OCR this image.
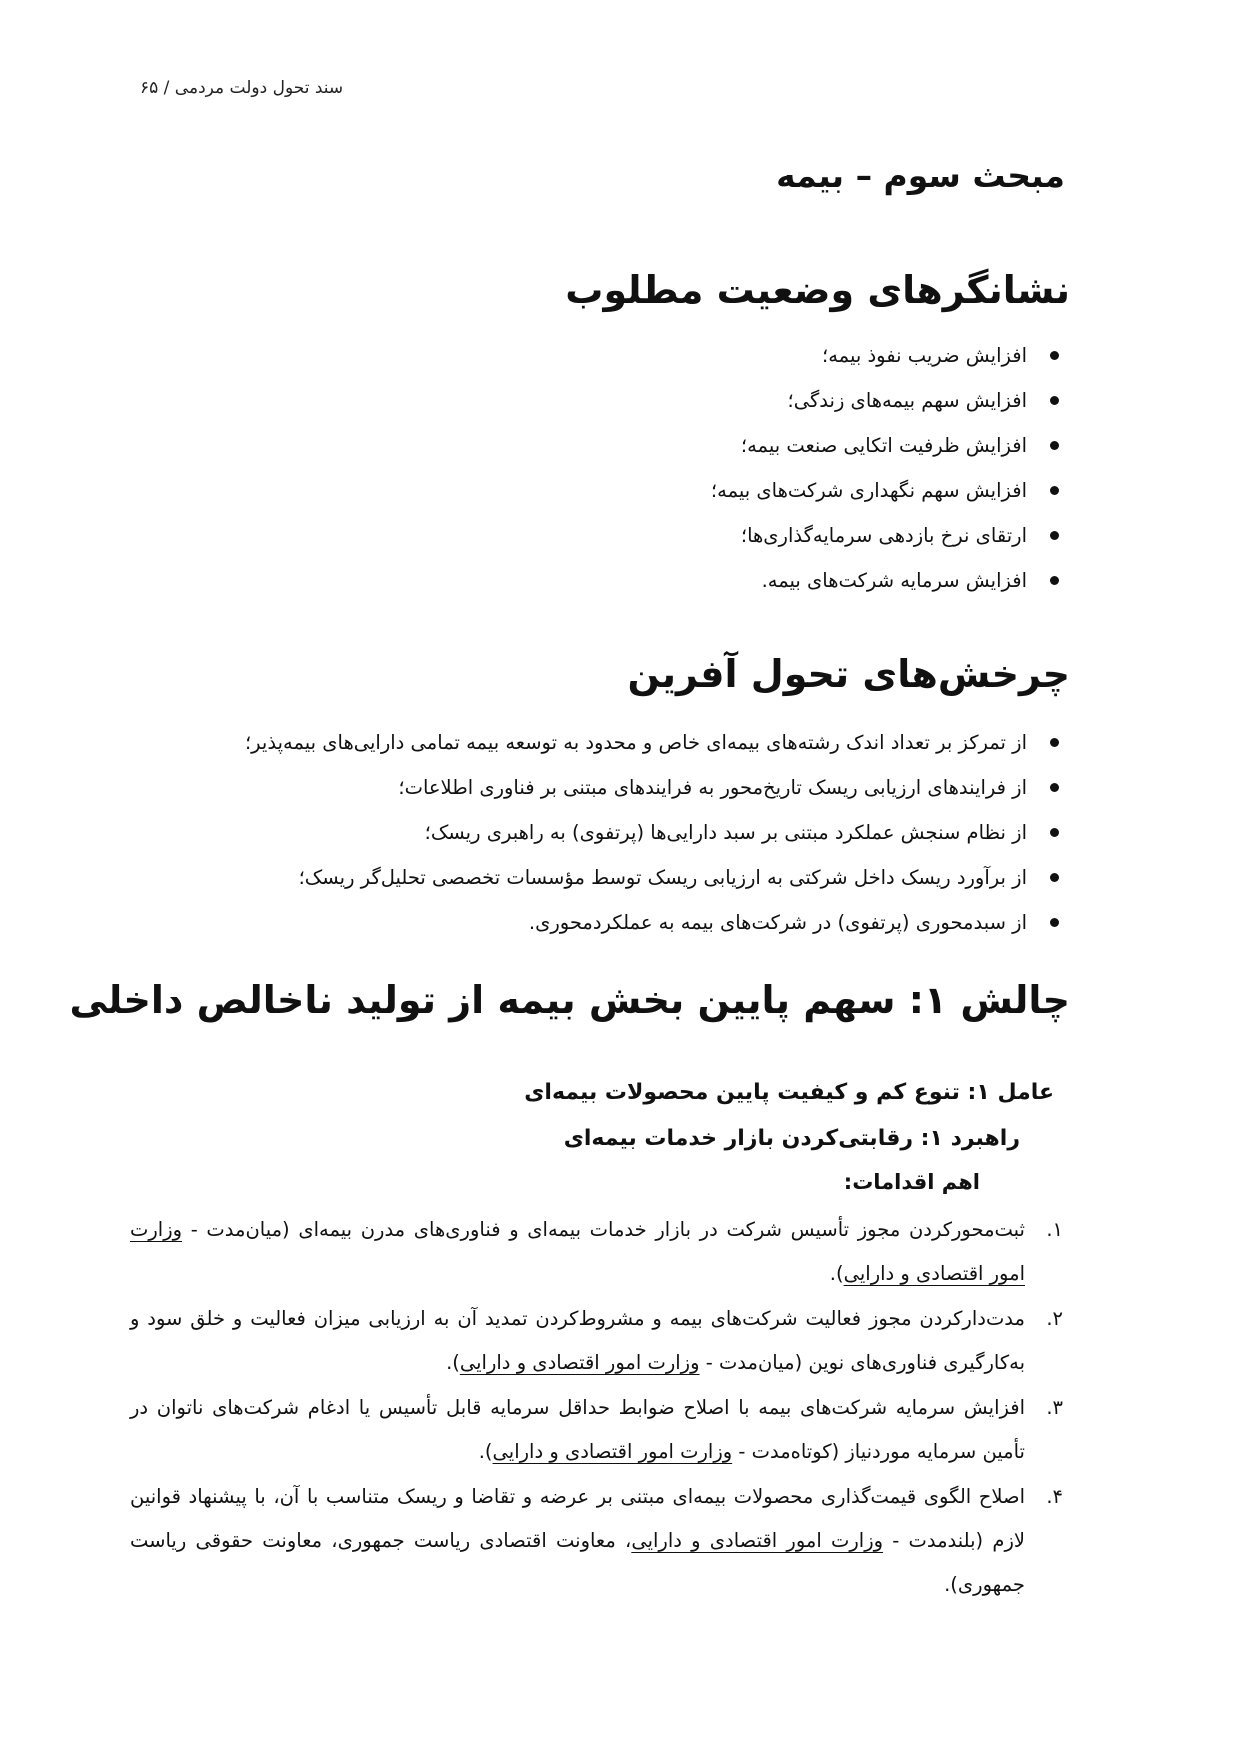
سند تحول دولت مردمی / ۶۵
مبحث سوم – بیمه
نشانگرهای وضعیت مطلوب
افزایش ضریب نفوذ بیمه؛
افزایش سهم بیمه‌های زندگی؛
افزایش ظرفیت اتکایی صنعت بیمه؛
افزایش سهم نگهداری شرکت‌های بیمه؛
ارتقای نرخ بازدهی سرمایه‌گذاری‌ها؛
افزایش سرمایه شرکت‌های بیمه.
چرخش‌های تحول آفرین
از تمرکز بر تعداد اندک رشته‌های بیمه‌ای خاص و محدود به توسعه بیمه تمامی دارایی‌های بیمه‌پذیر؛
از فرایندهای ارزیابی ریسک تاریخ‌محور به فرایندهای مبتنی بر فناوری اطلاعات؛
از نظام سنجش عملکرد مبتنی بر سبد دارایی‌ها (پرتفوی) به راهبری ریسک؛
از برآورد ریسک داخل شرکتی به ارزیابی ریسک توسط مؤسسات تخصصی تحلیل‌گر ریسک؛
از سبدمحوری (پرتفوی) در شرکت‌های بیمه به عملکردمحوری.
چالش ۱: سهم پایین بخش بیمه از تولید ناخالص داخلی
عامل ۱: تنوع کم و کیفیت پایین محصولات بیمه‌ای
راهبرد ۱: رقابتی‌کردن بازار خدمات بیمه‌ای
اهم اقدامات:
۱.
ثبت‌محورکردن مجوز تأسیس شرکت در بازار خدمات بیمه‌ای و فناوری‌های مدرن بیمه‌ای (میان‌مدت - وزارت امور اقتصادی و دارایی).
۲.
مدت‌دارکردن مجوز فعالیت شرکت‌های بیمه و مشروط‌کردن تمدید آن به ارزیابی میزان فعالیت و خلق سود و به‌کارگیری فناوری‌های نوین (میان‌مدت - وزارت امور اقتصادی و دارایی).
۳.
افزایش سرمایه شرکت‌های بیمه با اصلاح ضوابط حداقل سرمایه قابل تأسیس یا ادغام شرکت‌های ناتوان در تأمین سرمایه موردنیاز (کوتاه‌مدت - وزارت امور اقتصادی و دارایی).
۴.
اصلاح الگوی قیمت‌گذاری محصولات بیمه‌ای مبتنی بر عرضه و تقاضا و ریسک متناسب با آن، با پیشنهاد قوانین لازم (بلندمدت - وزارت امور اقتصادی و دارایی، معاونت اقتصادی ریاست جمهوری، معاونت حقوقی ریاست جمهوری).
